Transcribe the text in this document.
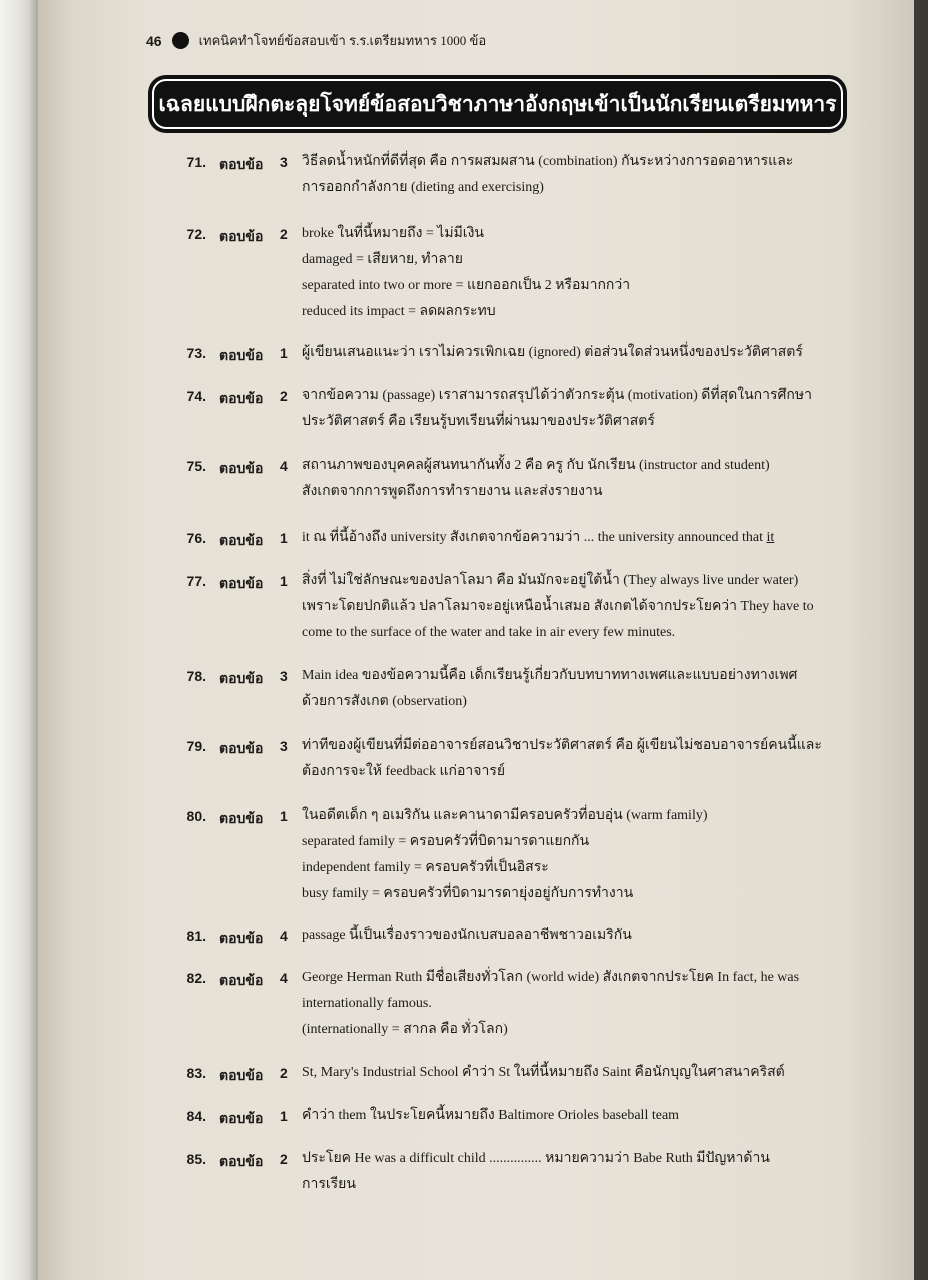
46	เทคนิคทำโจทย์ข้อสอบเข้า ร.ร.เตรียมทหาร 1000 ข้อ
เฉลยแบบฝึกตะลุยโจทย์ข้อสอบวิชาภาษาอังกฤษเข้าเป็นนักเรียนเตรียมทหาร
71. ตอบข้อ 3 วิธีลดน้ำหนักที่ดีที่สุด คือ การผสมผสาน (combination) กันระหว่างการอดอาหารและ
การออกกำลังกาย (dieting and exercising)
72. ตอบข้อ 2 broke ในที่นี้หมายถึง = ไม่มีเงิน
damaged = เสียหาย, ทำลาย
separated into two or more = แยกออกเป็น 2 หรือมากกว่า
reduced its impact = ลดผลกระทบ
73. ตอบข้อ 1 ผู้เขียนเสนอแนะว่า เราไม่ควรเพิกเฉย (ignored) ต่อส่วนใดส่วนหนึ่งของประวัติศาสตร์
74. ตอบข้อ 2 จากข้อความ (passage) เราสามารถสรุปได้ว่าตัวกระตุ้น (motivation) ดีที่สุดในการศึกษา
ประวัติศาสตร์ คือ เรียนรู้บทเรียนที่ผ่านมาของประวัติศาสตร์
75. ตอบข้อ 4 สถานภาพของบุคคลผู้สนทนากันทั้ง 2 คือ ครู กับ นักเรียน (instructor and student)
สังเกตจากการพูดถึงการทำรายงาน และส่งรายงาน
76. ตอบข้อ 1 it ณ ที่นี้อ้างถึง university สังเกตจากข้อความว่า ... the university announced that it
77. ตอบข้อ 1 สิ่งที่ ไม่ใช่ลักษณะของปลาโลมา คือ มันมักจะอยู่ใต้น้ำ (They always live under water)
เพราะโดยปกติแล้ว ปลาโลมาจะอยู่เหนือน้ำเสมอ สังเกตได้จากประโยคว่า They have to
come to the surface of the water and take in air every few minutes.
78. ตอบข้อ 3 Main idea ของข้อความนี้คือ เด็กเรียนรู้เกี่ยวกับบทบาททางเพศและแบบอย่างทางเพศ
ด้วยการสังเกต (observation)
79. ตอบข้อ 3 ท่าทีของผู้เขียนที่มีต่ออาจารย์สอนวิชาประวัติศาสตร์ คือ ผู้เขียนไม่ชอบอาจารย์คนนี้และ
ต้องการจะให้ feedback แก่อาจารย์
80. ตอบข้อ 1 ในอดีตเด็ก ๆ อเมริกัน และคานาดามีครอบครัวที่อบอุ่น (warm family)
separated family = ครอบครัวที่บิดามารดาแยกกัน
independent family = ครอบครัวที่เป็นอิสระ
busy family = ครอบครัวที่บิดามารดายุ่งอยู่กับการทำงาน
81. ตอบข้อ 4 passage นี้เป็นเรื่องราวของนักเบสบอลอาชีพชาวอเมริกัน
82. ตอบข้อ 4 George Herman Ruth มีชื่อเสียงทั่วโลก (world wide) สังเกตจากประโยค In fact, he was
internationally famous.
(internationally = สากล คือ ทั่วโลก)
83. ตอบข้อ 2 St, Mary's Industrial School คำว่า St ในที่นี้หมายถึง Saint คือนักบุญในศาสนาคริสต์
84. ตอบข้อ 1 คำว่า them ในประโยคนี้หมายถึง Baltimore Orioles baseball team
85. ตอบข้อ 2 ประโยค He was a difficult child ............... หมายความว่า Babe Ruth มีปัญหาด้าน
การเรียน
